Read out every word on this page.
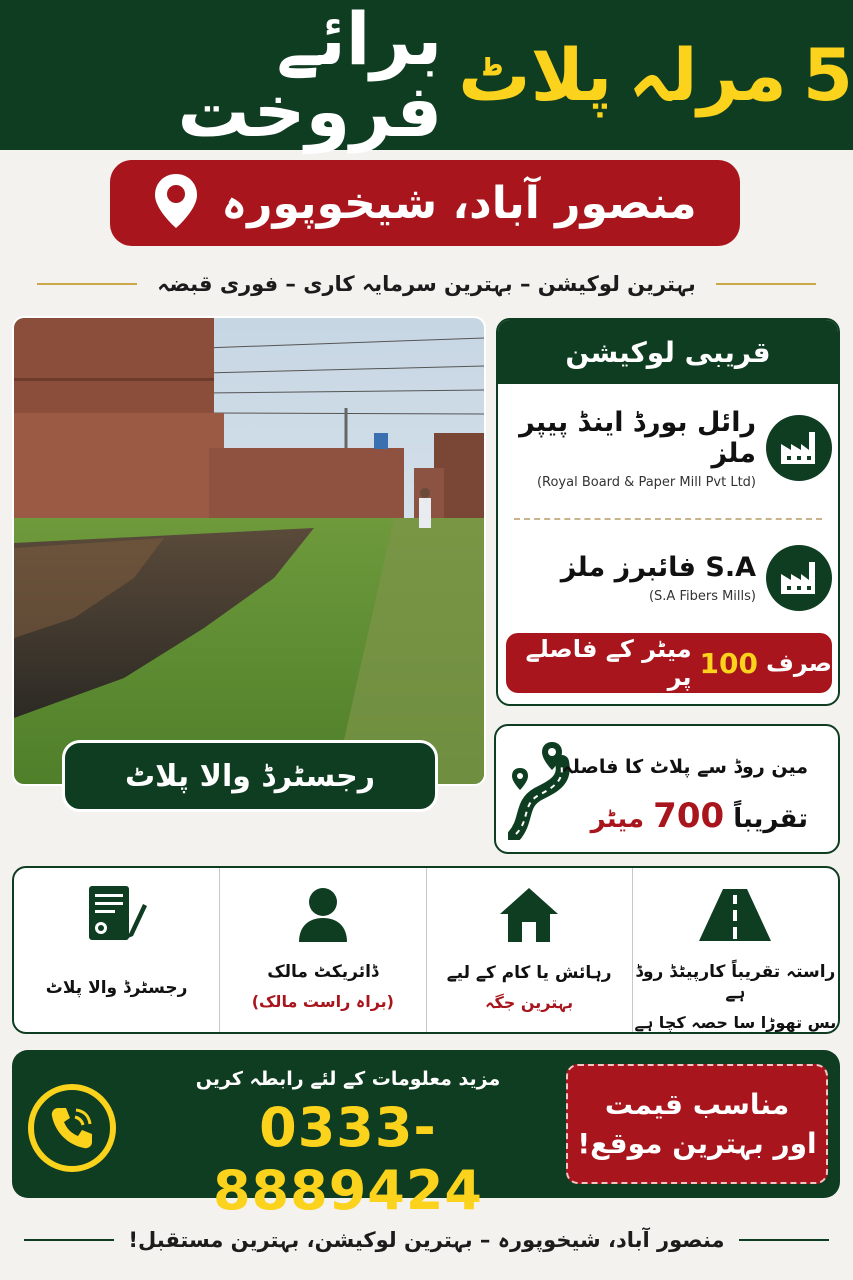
5
مرلہ
پلاٹ
برائے فروخت
منصور آباد، شیخوپورہ
بہترین لوکیشن – بہترین سرمایہ کاری – فوری قبضہ
رجسٹرڈ والا پلاٹ
قریبی لوکیشن
رائل بورڈ اینڈ پیپر ملز
(Royal Board & Paper Mill Pvt Ltd)
S.A فائبرز ملز
(S.A Fibers Mills)
صرف
100
میٹر کے فاصلے پر
مین روڈ سے پلاٹ کا فاصلہ
تقریباً 700 میٹر
راستہ تقریباً کارپیٹڈ روڈ ہے
بس تھوڑا سا حصہ کچا ہے
رہائش یا کام کے لیے
بہترین جگہ
ڈائریکٹ مالک
(براہ راست مالک)
رجسٹرڈ والا پلاٹ
مزید معلومات کے لئے رابطہ کریں
0333-8889424
مناسب قیمت
اور بہترین موقع!
منصور آباد، شیخوپورہ – بہترین لوکیشن، بہترین مستقبل!
